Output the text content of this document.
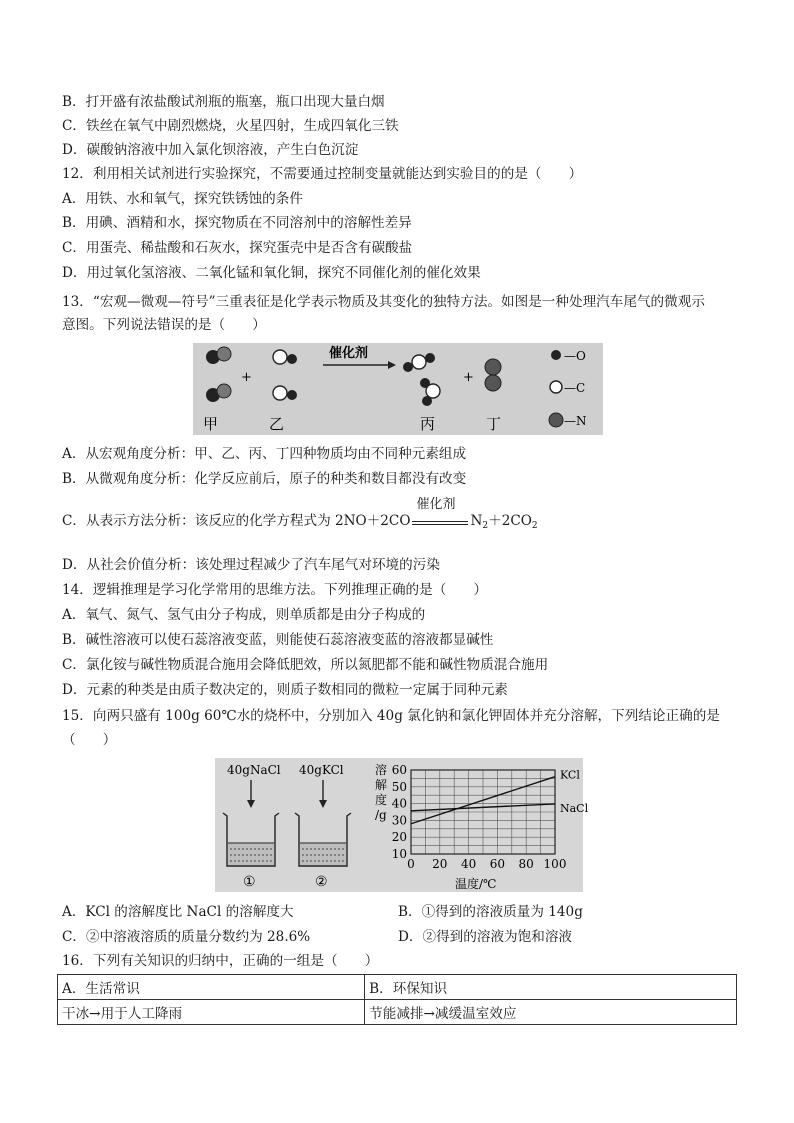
B．打开盛有浓盐酸试剂瓶的瓶塞，瓶口出现大量白烟
C．铁丝在氧气中剧烈燃烧，火星四射，生成四氧化三铁
D．碳酸钠溶液中加入氯化钡溶液，产生白色沉淀
12．利用相关试剂进行实验探究，不需要通过控制变量就能达到实验目的的是（　　）
A．用铁、水和氧气，探究铁锈蚀的条件
B．用碘、酒精和水，探究物质在不同溶剂中的溶解性差异
C．用蛋壳、稀盐酸和石灰水，探究蛋壳中是否含有碳酸盐
D．用过氧化氢溶液、二氧化锰和氧化铜，探究不同催化剂的催化效果
13．“宏观—微观—符号”三重表征是化学表示物质及其变化的独特方法。如图是一种处理汽车尾气的微观示
意图。下列说法错误的是（　　）
+
催化剂
+
甲	乙	丙	丁
—O
—C
—N
A．从宏观角度分析：甲、乙、丙、丁四种物质均由不同种元素组成
B．从微观角度分析：化学反应前后，原子的种类和数目都没有改变
C．从表示方法分析：该反应的化学方程式为 2NO＋2CO
催化剂
$N_2+2CO_2$
D．从社会价值分析：该处理过程减少了汽车尾气对环境的污染
14．逻辑推理是学习化学常用的思维方法。下列推理正确的是（　　）
A．氧气、氮气、氢气由分子构成，则单质都是由分子构成的
B．碱性溶液可以使石蕊溶液变蓝，则能使石蕊溶液变蓝的溶液都显碱性
C．氯化铵与碱性物质混合施用会降低肥效，所以氮肥都不能和碱性物质混合施用
D．元素的种类是由质子数决定的，则质子数相同的微粒一定属于同种元素
15．向两只盛有 100g 60℃水的烧杯中，分别加入 40g 氯化钠和氯化钾固体并充分溶解，下列结论正确的是
（　　）
40gNaCl 40gKCl
①	②
溶解度/g
温度/℃
60
50
40
30
20
10
0 20 40 60 80 100
KCl
NaCl
A．KCl 的溶解度比 NaCl 的溶解度大	B．①得到的溶液质量为 140g
C．②中溶液溶质的质量分数约为 28.6%	D．②得到的溶液为饱和溶液
16．下列有关知识的归纳中，正确的一组是（　　）
A．生活常识	B．环保知识
干冰→用于人工降雨	节能减排→减缓温室效应
